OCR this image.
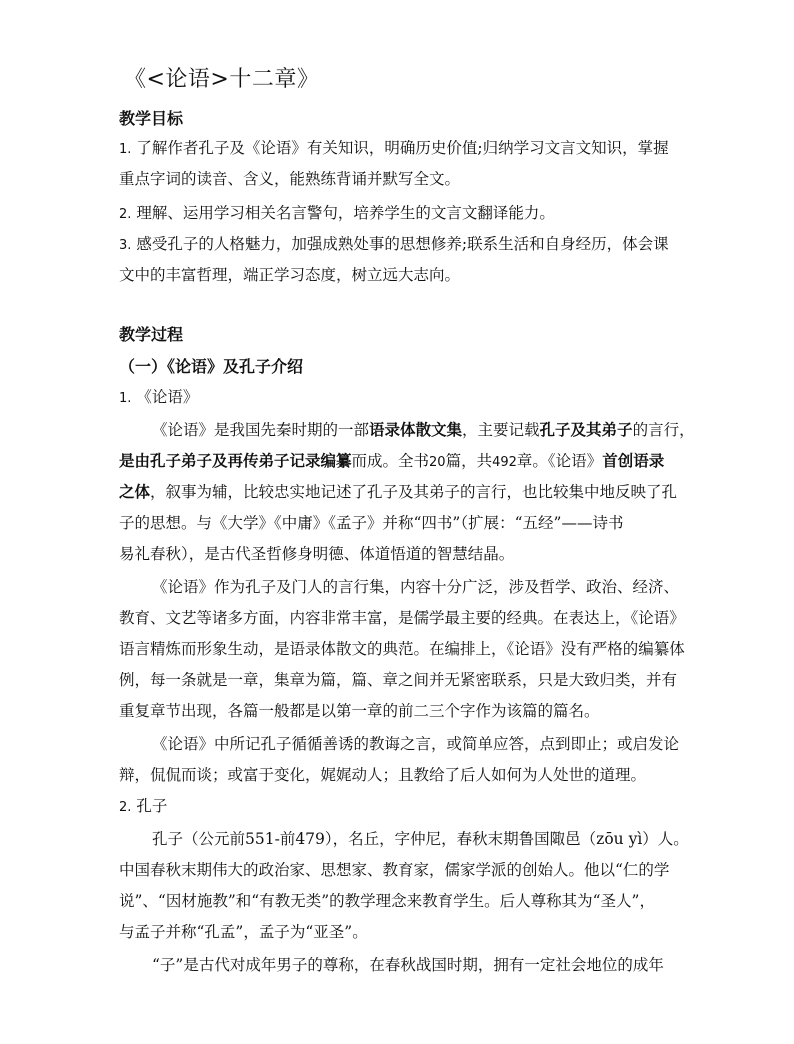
《<论语>十二章》
教学目标
1. 了解作者孔子及《论语》有关知识，明确历史价值;归纳学习文言文知识，掌握
重点字词的读音、含义，能熟练背诵并默写全文。
2. 理解、运用学习相关名言警句，培养学生的文言文翻译能力。
3. 感受孔子的人格魅力，加强成熟处事的思想修养;联系生活和自身经历，体会课
文中的丰富哲理，端正学习态度，树立远大志向。
教学过程
（一）《论语》及孔子介绍
1. 《论语》
《论语》是我国先秦时期的一部语录体散文集，主要记载孔子及其弟子的言行，
是由孔子弟子及再传弟子记录编纂而成。全书20篇，共492章。《论语》首创语录
之体，叙事为辅，比较忠实地记述了孔子及其弟子的言行，也比较集中地反映了孔
子的思想。与《大学》《中庸》《孟子》并称“四书”（扩展：“五经”——诗书
易礼春秋），是古代圣哲修身明德、体道悟道的智慧结晶。
《论语》作为孔子及门人的言行集，内容十分广泛，涉及哲学、政治、经济、
教育、文艺等诸多方面，内容非常丰富，是儒学最主要的经典。在表达上，《论语》
语言精炼而形象生动，是语录体散文的典范。在编排上，《论语》没有严格的编纂体
例，每一条就是一章，集章为篇，篇、章之间并无紧密联系，只是大致归类，并有
重复章节出现，各篇一般都是以第一章的前二三个字作为该篇的篇名。
《论语》中所记孔子循循善诱的教诲之言，或简单应答，点到即止；或启发论
辩，侃侃而谈；或富于变化，娓娓动人；且教给了后人如何为人处世的道理。
2. 孔子
孔子（公元前551-前479），名丘，字仲尼，春秋末期鲁国陬邑（zōu yì）人。
中国春秋末期伟大的政治家、思想家、教育家，儒家学派的创始人。他以“仁的学
说”、“因材施教”和“有教无类”的教学理念来教育学生。后人尊称其为“圣人”，
与孟子并称“孔孟”，孟子为“亚圣”。
“子”是古代对成年男子的尊称，在春秋战国时期，拥有一定社会地位的成年
